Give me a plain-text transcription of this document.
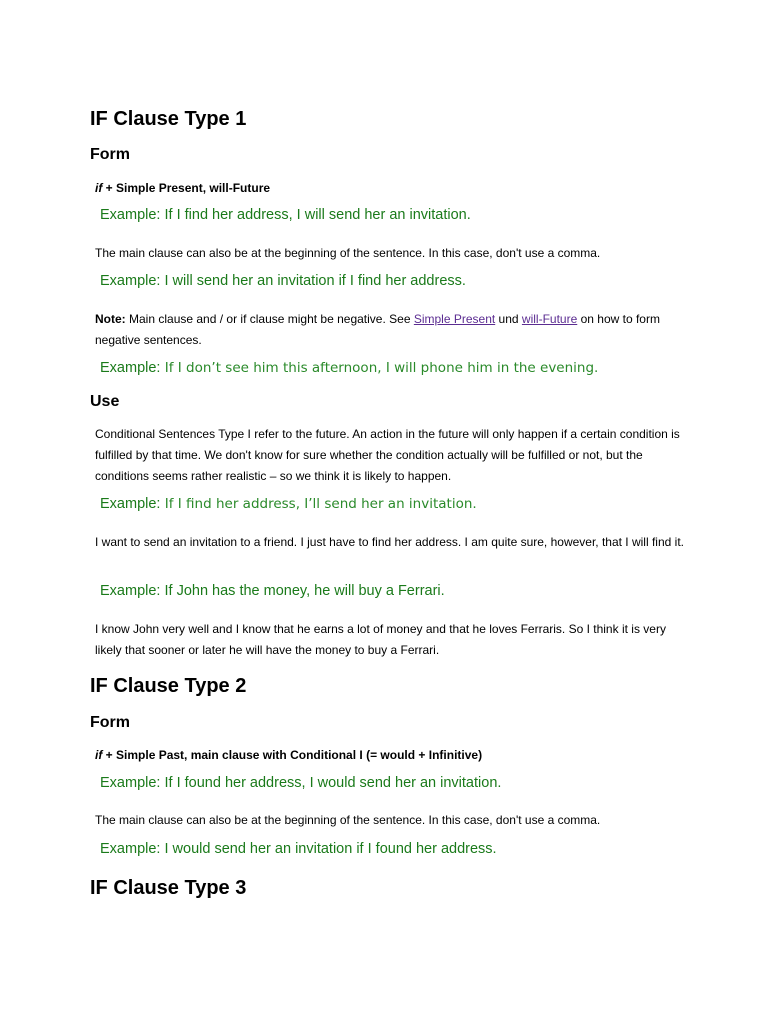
IF Clause Type 1
Form

if + Simple Present, will-Future

Example: If I find her address, I will send her an invitation.

The main clause can also be at the beginning of the sentence. In this case, don't use a comma.

Example: I will send her an invitation if I find her address.

Note: Main clause and / or if clause might be negative. See Simple Present und will-Future on how to form negative sentences.

Example: If I don’t see him this afternoon, I will phone him in the evening.

Use

Conditional Sentences Type I refer to the future. An action in the future will only happen if a certain condition is fulfilled by that time. We don't know for sure whether the condition actually will be fulfilled or not, but the conditions seems rather realistic – so we think it is likely to happen.

Example: If I find her address, I’ll send her an invitation.

I want to send an invitation to a friend. I just have to find her address. I am quite sure, however, that I will find it.

Example: If John has the money, he will buy a Ferrari.

I know John very well and I know that he earns a lot of money and that he loves Ferraris. So I think it is very likely that sooner or later he will have the money to buy a Ferrari.

IF Clause Type 2
Form

if + Simple Past, main clause with Conditional I (= would + Infinitive)

Example: If I found her address, I would send her an invitation.

The main clause can also be at the beginning of the sentence. In this case, don't use a comma.

Example: I would send her an invitation if I found her address.

IF Clause Type 3
